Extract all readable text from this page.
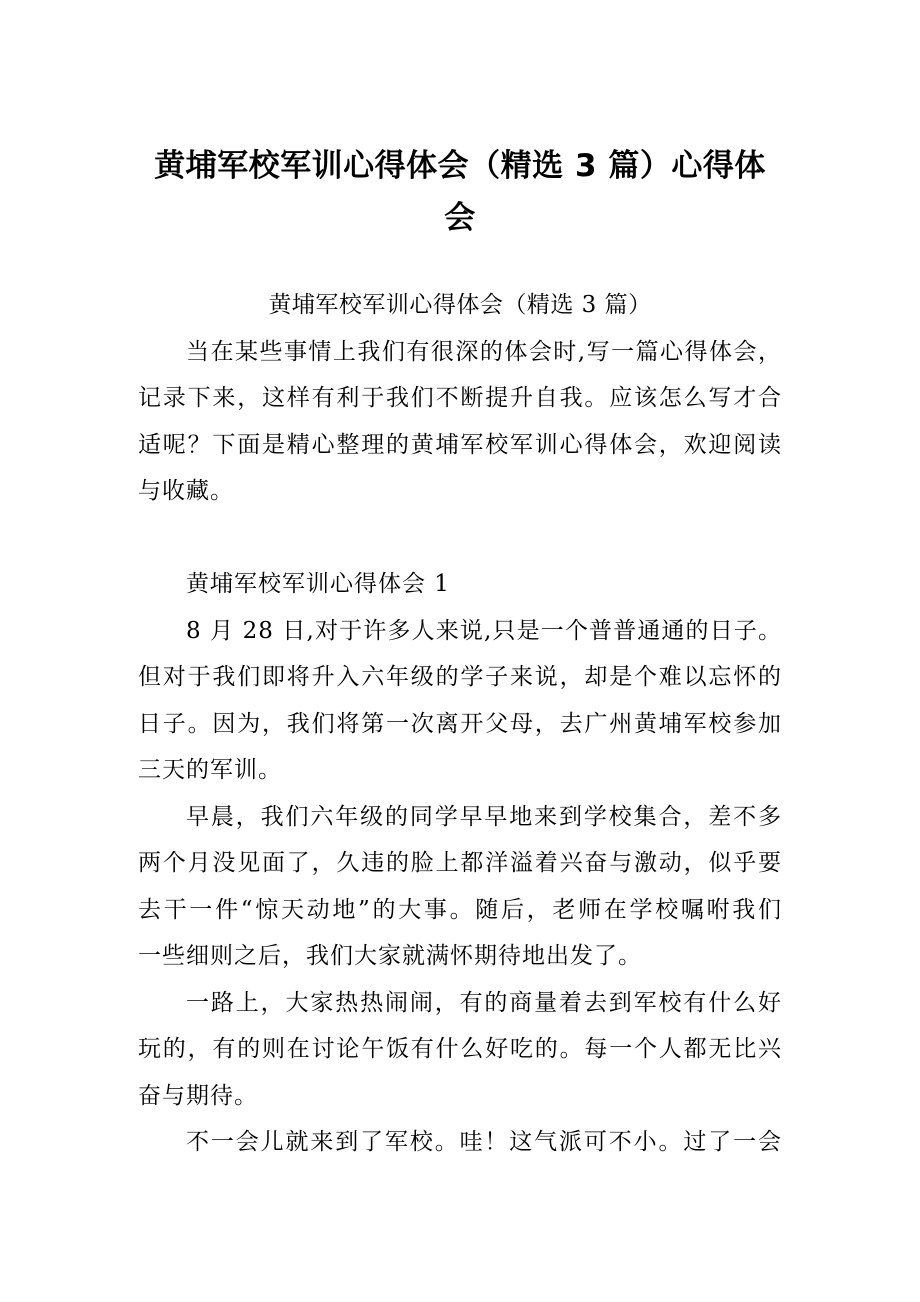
黄埔军校军训心得体会（精选 3 篇）心得体
会

黄埔军校军训心得体会（精选 3 篇）

当在某些事情上我们有很深的体会时,写一篇心得体会，
记录下来，这样有利于我们不断提升自我。应该怎么写才合
适呢？下面是精心整理的黄埔军校军训心得体会，欢迎阅读
与收藏。

黄埔军校军训心得体会 1

8 月 28 日,对于许多人来说,只是一个普普通通的日子。
但对于我们即将升入六年级的学子来说，却是个难以忘怀的
日子。因为，我们将第一次离开父母，去广州黄埔军校参加
三天的军训。
早晨，我们六年级的同学早早地来到学校集合，差不多
两个月没见面了，久违的脸上都洋溢着兴奋与激动，似乎要
去干一件“惊天动地”的大事。随后，老师在学校嘱咐我们
一些细则之后，我们大家就满怀期待地出发了。
一路上，大家热热闹闹，有的商量着去到军校有什么好
玩的，有的则在讨论午饭有什么好吃的。每一个人都无比兴
奋与期待。
不一会儿就来到了军校。哇！这气派可不小。过了一会
